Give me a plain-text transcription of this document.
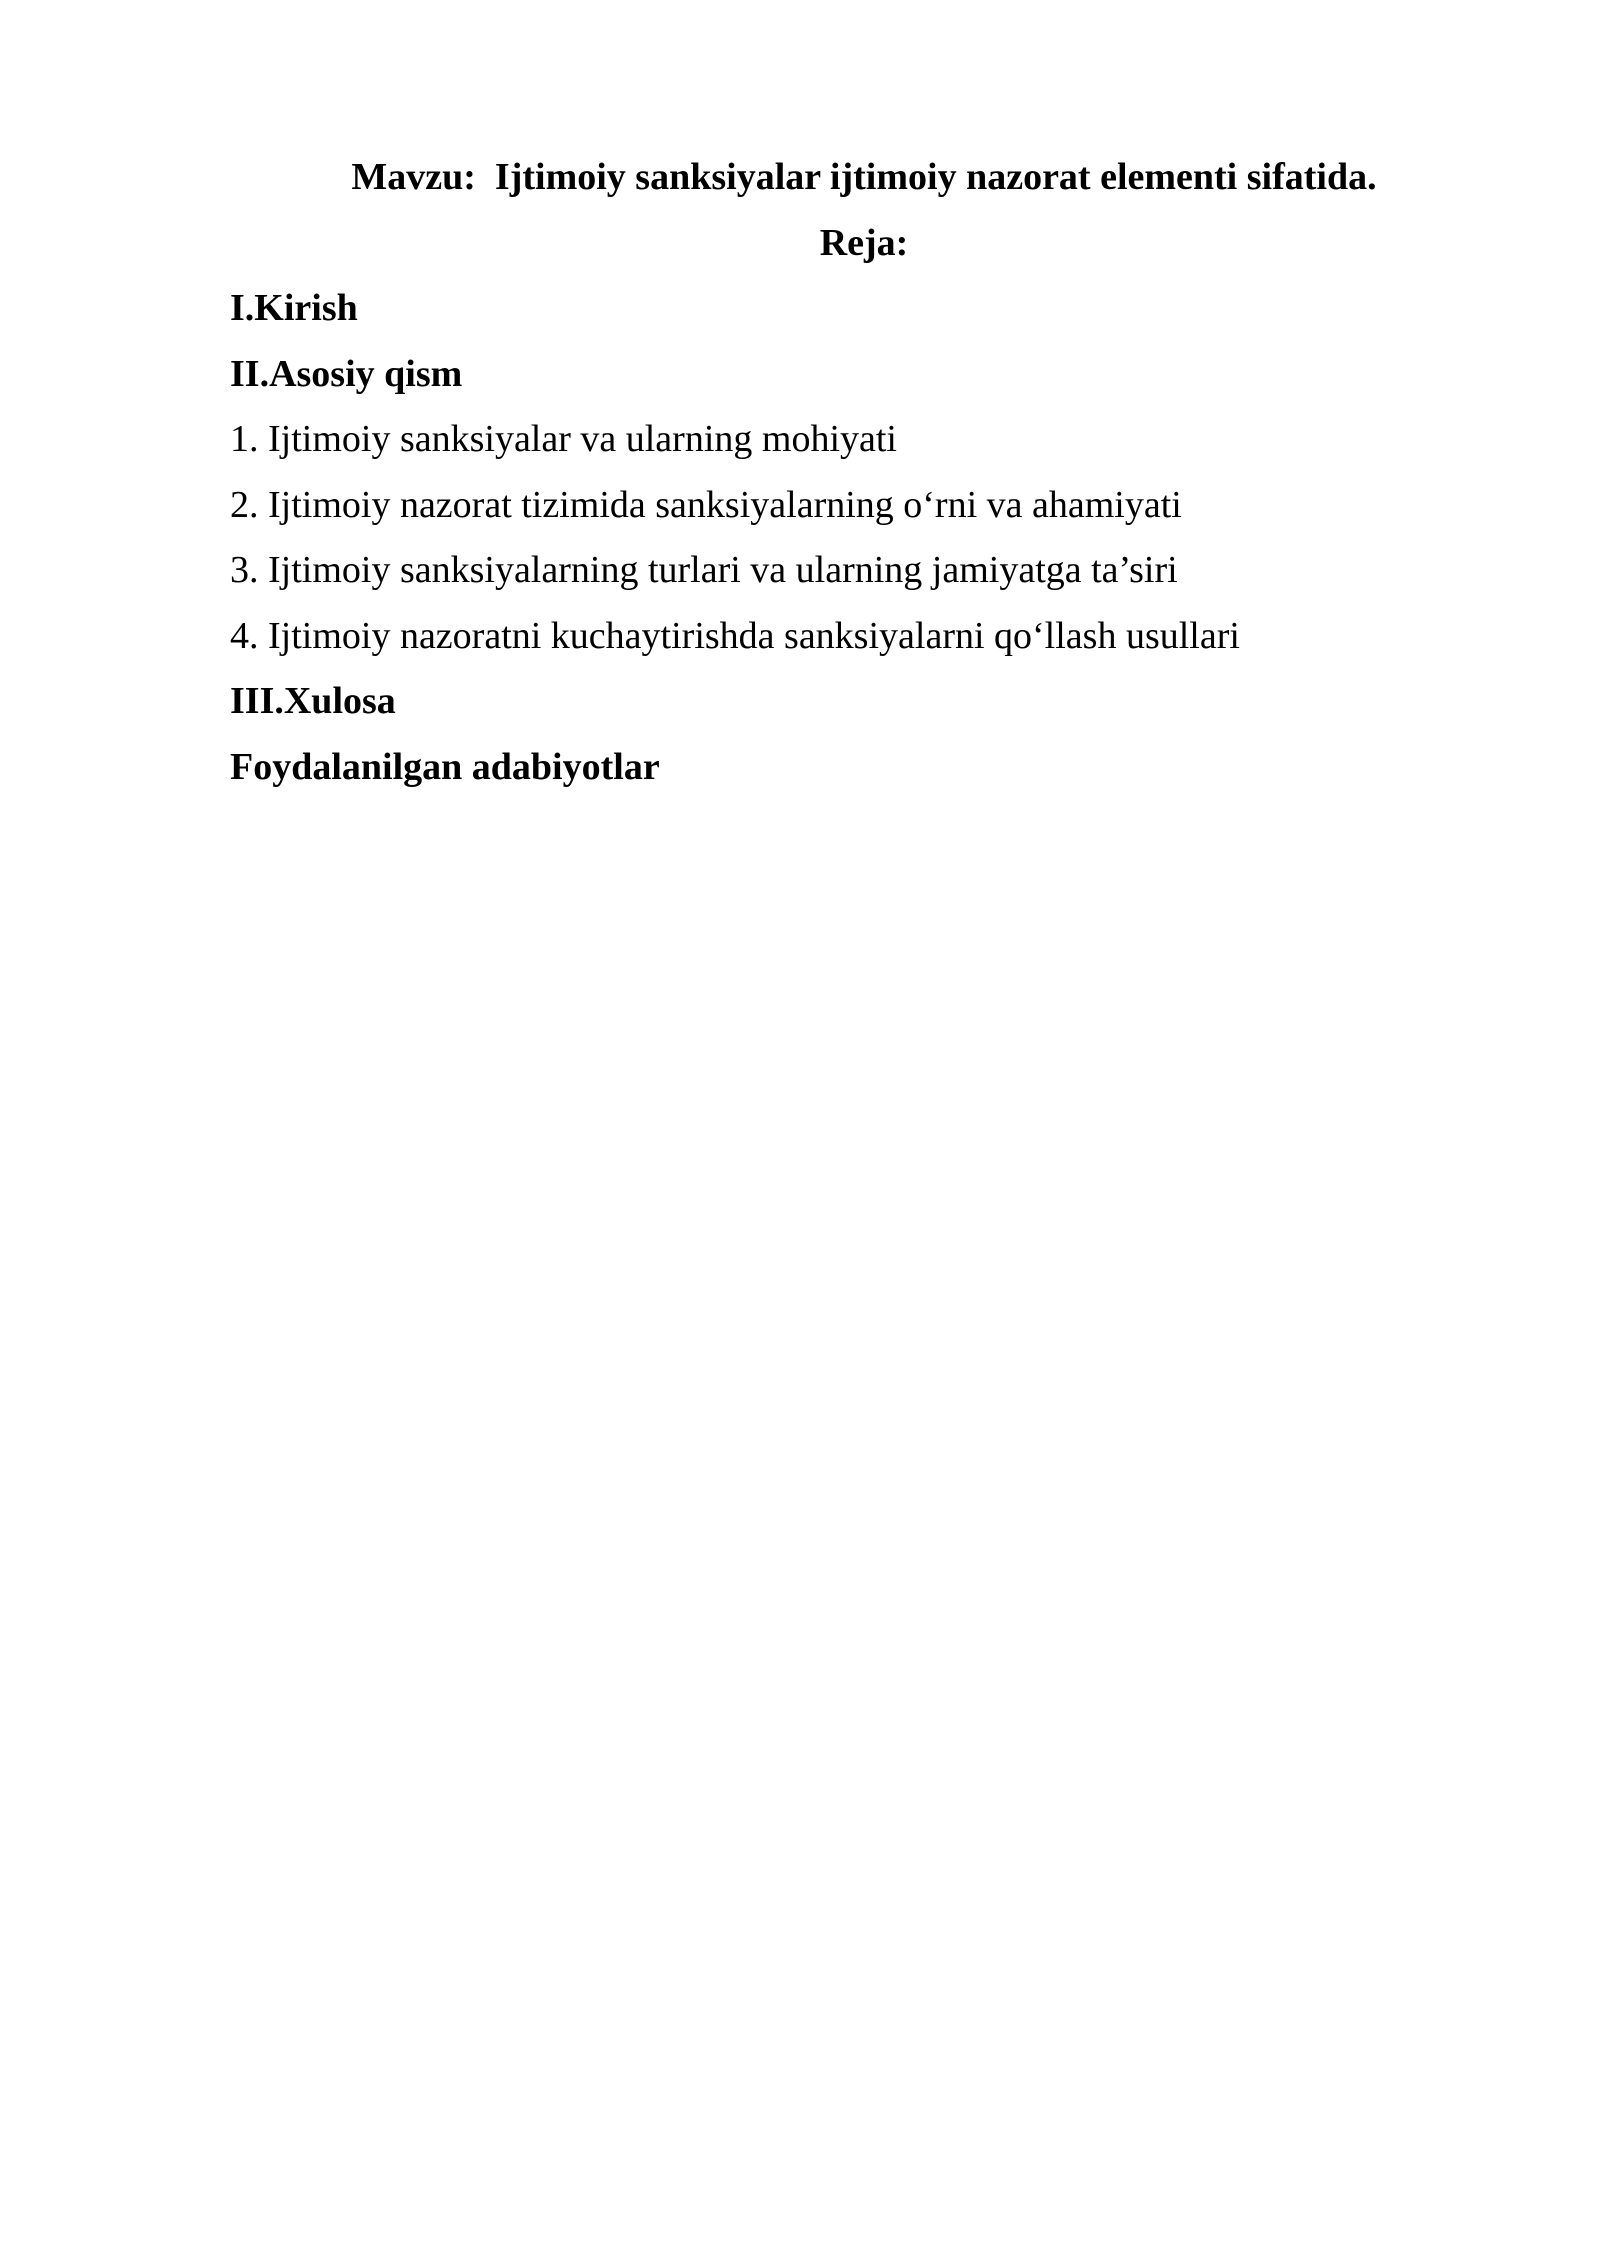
Mavzu:  Ijtimoiy sanksiyalar ijtimoiy nazorat elementi sifatida.
Reja:
I.Kirish
II.Asosiy qism
1. Ijtimoiy sanksiyalar va ularning mohiyati
2. Ijtimoiy nazorat tizimida sanksiyalarning o‘rni va ahamiyati
3. Ijtimoiy sanksiyalarning turlari va ularning jamiyatga ta’siri
4. Ijtimoiy nazoratni kuchaytirishda sanksiyalarni qo‘llash usullari
III.Xulosa
Foydalanilgan adabiyotlar
